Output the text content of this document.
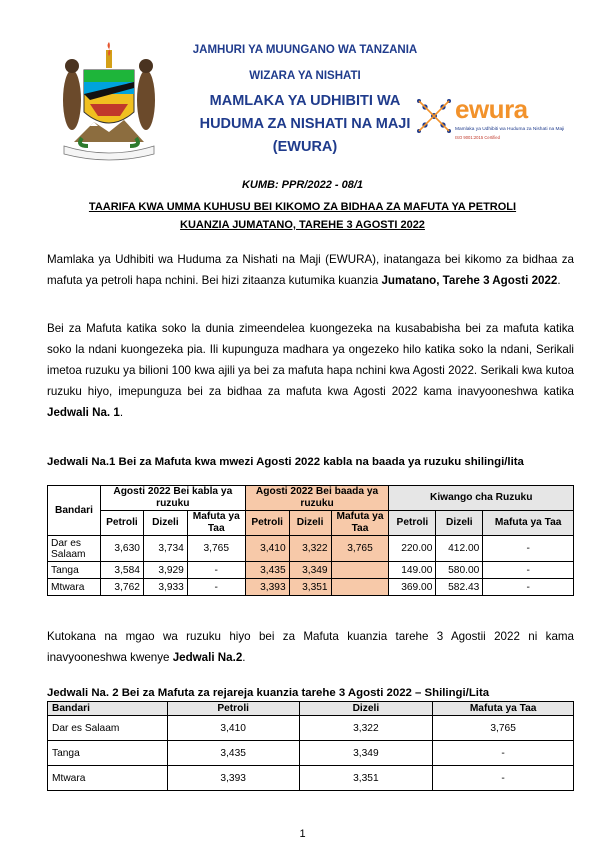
JAMHURI YA MUUNGANO WA TANZANIA
WIZARA YA NISHATI
MAMLAKA YA UDHIBITI WA
HUDUMA ZA NISHATI NA MAJI
(EWURA)
ewura
Mamlaka ya Udhibiti wa Huduma za Nishati na Maji
ISO 9001:2015 Certified
KUMB: PPR/2022 - 08/1
TAARIFA KWA UMMA KUHUSU BEI KIKOMO ZA BIDHAA ZA MAFUTA YA PETROLI
KUANZIA JUMATANO, TAREHE 3 AGOSTI 2022

Mamlaka ya Udhibiti wa Huduma za Nishati na Maji (EWURA), inatangaza bei kikomo za bidhaa za mafuta ya petroli hapa nchini. Bei hizi zitaanza kutumika kuanzia Jumatano, Tarehe 3 Agosti 2022.

Bei za Mafuta katika soko la dunia zimeendelea kuongezeka na kusababisha bei za mafuta katika soko la ndani kuongezeka pia. Ili kupunguza madhara ya ongezeko hilo katika soko la ndani, Serikali imetoa ruzuku ya bilioni 100 kwa ajili ya bei za mafuta hapa nchini kwa Agosti 2022. Serikali kwa kutoa ruzuku hiyo, imepunguza bei za bidhaa za mafuta kwa Agosti 2022 kama inavyooneshwa katika Jedwali Na. 1.

Jedwali Na.1 Bei za Mafuta kwa mwezi Agosti 2022 kabla na baada ya ruzuku shilingi/lita
Bandari	Agosti 2022 Bei kabla ya ruzuku			Agosti 2022 Bei baada ya ruzuku			Kiwango cha Ruzuku		
	Petroli	Dizeli	Mafuta ya Taa	Petroli	Dizeli	Mafuta ya Taa	Petroli	Dizeli	Mafuta ya Taa
Dar es Salaam	3,630	3,734	3,765	3,410	3,322	3,765	220.00	412.00	-
Tanga	3,584	3,929	-	3,435	3,349		149.00	580.00	-
Mtwara	3,762	3,933	-	3,393	3,351		369.00	582.43	-

Kutokana na mgao wa ruzuku hiyo bei za Mafuta kuanzia tarehe 3 Agostii 2022 ni kama inavyooneshwa kwenye Jedwali Na.2.

Jedwali Na. 2 Bei za Mafuta za rejareja kuanzia tarehe 3 Agosti 2022 – Shilingi/Lita
Bandari	Petroli	Dizeli	Mafuta ya Taa
Dar es Salaam	3,410	3,322	3,765
Tanga	3,435	3,349	-
Mtwara	3,393	3,351	-
1
